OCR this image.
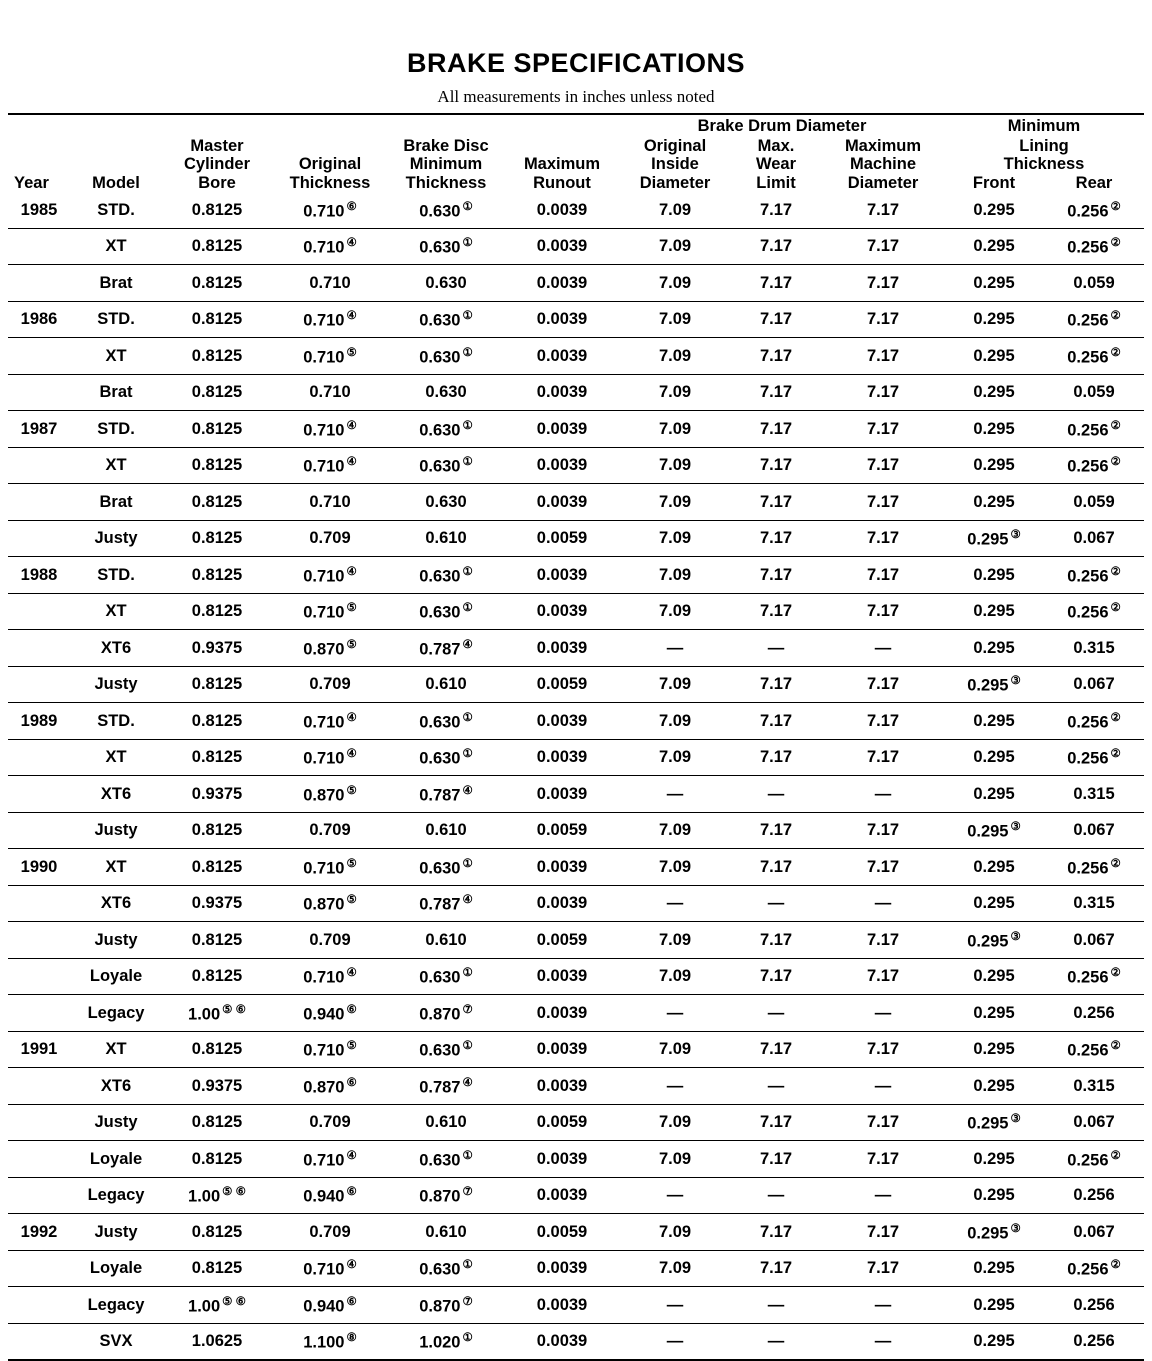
BRAKE SPECIFICATIONS
All measurements in inches unless noted
						Brake Drum Diameter			Minimum	
		Master	Brake Disc			Original	Max.	Maximum	Lining	
		Cylinder	Original	Minimum	Maximum	Inside	Wear	Machine	Thickness	
Year	Model	Bore	Thickness	Thickness	Runout	Diameter	Limit	Diameter	Front	Rear
1985	STD.	0.8125	0.710 ⑥	0.630 ①	0.0039	7.09	7.17	7.17	0.295	0.256 ②
	XT	0.8125	0.710 ④	0.630 ①	0.0039	7.09	7.17	7.17	0.295	0.256 ②
	Brat	0.8125	0.710	0.630	0.0039	7.09	7.17	7.17	0.295	0.059
1986	STD.	0.8125	0.710 ④	0.630 ①	0.0039	7.09	7.17	7.17	0.295	0.256 ②
	XT	0.8125	0.710 ⑤	0.630 ①	0.0039	7.09	7.17	7.17	0.295	0.256 ②
	Brat	0.8125	0.710	0.630	0.0039	7.09	7.17	7.17	0.295	0.059
1987	STD.	0.8125	0.710 ④	0.630 ①	0.0039	7.09	7.17	7.17	0.295	0.256 ②
	XT	0.8125	0.710 ④	0.630 ①	0.0039	7.09	7.17	7.17	0.295	0.256 ②
	Brat	0.8125	0.710	0.630	0.0039	7.09	7.17	7.17	0.295	0.059
	Justy	0.8125	0.709	0.610	0.0059	7.09	7.17	7.17	0.295 ③	0.067
1988	STD.	0.8125	0.710 ④	0.630 ①	0.0039	7.09	7.17	7.17	0.295	0.256 ②
	XT	0.8125	0.710 ⑤	0.630 ①	0.0039	7.09	7.17	7.17	0.295	0.256 ②
	XT6	0.9375	0.870 ⑤	0.787 ④	0.0039	—	—	—	0.295	0.315
	Justy	0.8125	0.709	0.610	0.0059	7.09	7.17	7.17	0.295 ③	0.067
1989	STD.	0.8125	0.710 ④	0.630 ①	0.0039	7.09	7.17	7.17	0.295	0.256 ②
	XT	0.8125	0.710 ④	0.630 ①	0.0039	7.09	7.17	7.17	0.295	0.256 ②
	XT6	0.9375	0.870 ⑤	0.787 ④	0.0039	—	—	—	0.295	0.315
	Justy	0.8125	0.709	0.610	0.0059	7.09	7.17	7.17	0.295 ③	0.067
1990	XT	0.8125	0.710 ⑤	0.630 ①	0.0039	7.09	7.17	7.17	0.295	0.256 ②
	XT6	0.9375	0.870 ⑤	0.787 ④	0.0039	—	—	—	0.295	0.315
	Justy	0.8125	0.709	0.610	0.0059	7.09	7.17	7.17	0.295 ③	0.067
	Loyale	0.8125	0.710 ④	0.630 ①	0.0039	7.09	7.17	7.17	0.295	0.256 ②
	Legacy	1.00 ⑤ ⑥	0.940 ⑥	0.870 ⑦	0.0039	—	—	—	0.295	0.256
1991	XT	0.8125	0.710 ⑤	0.630 ①	0.0039	7.09	7.17	7.17	0.295	0.256 ②
	XT6	0.9375	0.870 ⑥	0.787 ④	0.0039	—	—	—	0.295	0.315
	Justy	0.8125	0.709	0.610	0.0059	7.09	7.17	7.17	0.295 ③	0.067
	Loyale	0.8125	0.710 ④	0.630 ①	0.0039	7.09	7.17	7.17	0.295	0.256 ②
	Legacy	1.00 ⑤ ⑥	0.940 ⑥	0.870 ⑦	0.0039	—	—	—	0.295	0.256
1992	Justy	0.8125	0.709	0.610	0.0059	7.09	7.17	7.17	0.295 ③	0.067
	Loyale	0.8125	0.710 ④	0.630 ①	0.0039	7.09	7.17	7.17	0.295	0.256 ②
	Legacy	1.00 ⑤ ⑥	0.940 ⑥	0.870 ⑦	0.0039	—	—	—	0.295	0.256
	SVX	1.0625	1.100 ⑧	1.020 ①	0.0039	—	—	—	0.295	0.256
